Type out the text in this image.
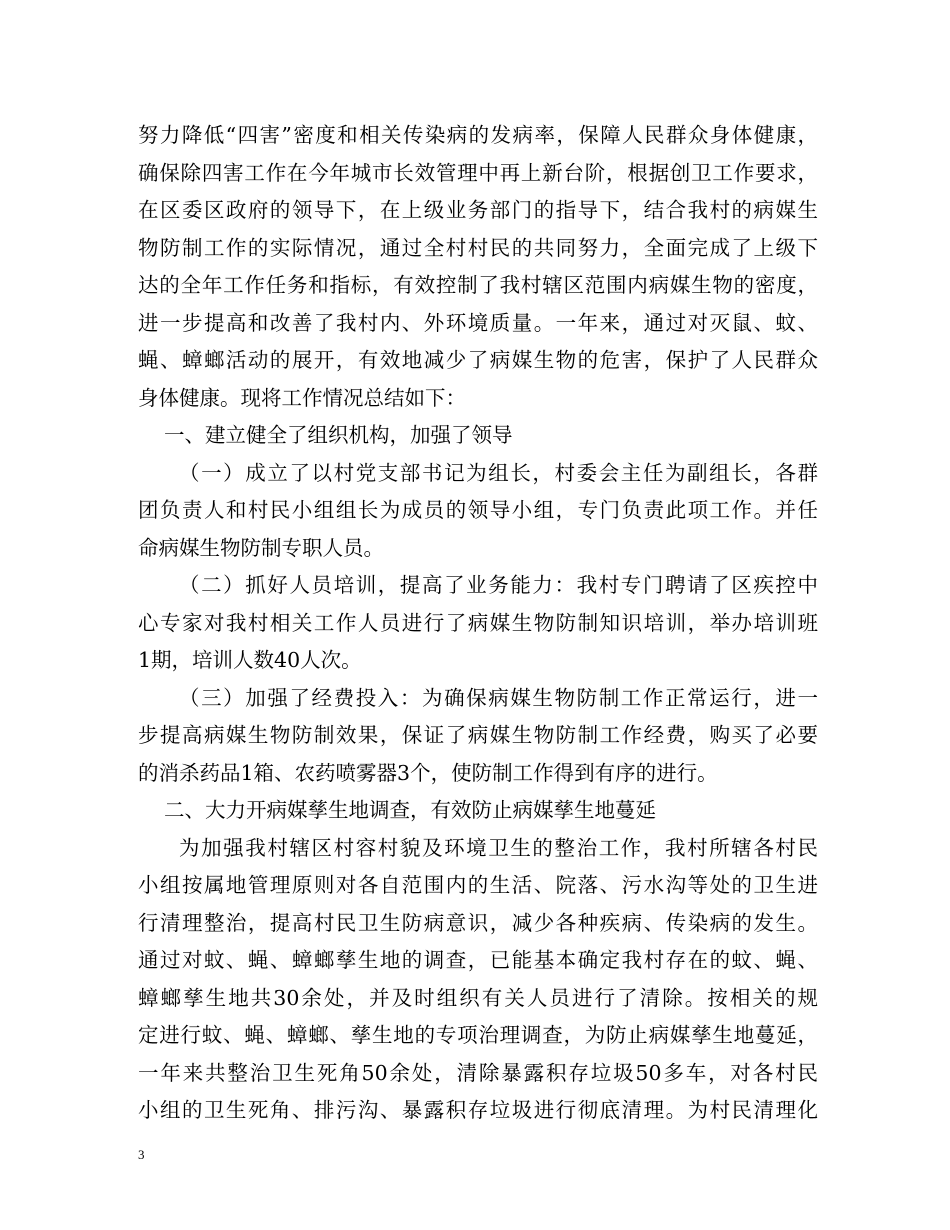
努力降低“四害”密度和相关传染病的发病率，保障人民群众身体健康，
确保除四害工作在今年城市长效管理中再上新台阶，根据创卫工作要求，
在区委区政府的领导下，在上级业务部门的指导下，结合我村的病媒生
物防制工作的实际情况，通过全村村民的共同努力，全面完成了上级下
达的全年工作任务和指标，有效控制了我村辖区范围内病媒生物的密度，
进一步提高和改善了我村内、外环境质量。一年来，通过对灭鼠、蚊、
蝇、蟑螂活动的展开，有效地减少了病媒生物的危害，保护了人民群众
身体健康。现将工作情况总结如下：
一、建立健全了组织机构，加强了领导
（一）成立了以村党支部书记为组长，村委会主任为副组长，各群
团负责人和村民小组组长为成员的领导小组，专门负责此项工作。并任
命病媒生物防制专职人员。
（二）抓好人员培训，提高了业务能力：我村专门聘请了区疾控中
心专家对我村相关工作人员进行了病媒生物防制知识培训，举办培训班
1期，培训人数40人次。
（三）加强了经费投入：为确保病媒生物防制工作正常运行，进一
步提高病媒生物防制效果，保证了病媒生物防制工作经费，购买了必要
的消杀药品1箱、农药喷雾器3个，使防制工作得到有序的进行。
二、大力开病媒孳生地调查，有效防止病媒孳生地蔓延
为加强我村辖区村容村貌及环境卫生的整治工作，我村所辖各村民
小组按属地管理原则对各自范围内的生活、院落、污水沟等处的卫生进
行清理整治，提高村民卫生防病意识，减少各种疾病、传染病的发生。
通过对蚊、蝇、蟑螂孳生地的调查，已能基本确定我村存在的蚊、蝇、
蟑螂孳生地共30余处，并及时组织有关人员进行了清除。按相关的规
定进行蚊、蝇、蟑螂、孳生地的专项治理调查，为防止病媒孳生地蔓延，
一年来共整治卫生死角50余处，清除暴露积存垃圾50多车，对各村民
小组的卫生死角、排污沟、暴露积存垃圾进行彻底清理。为村民清理化
3
